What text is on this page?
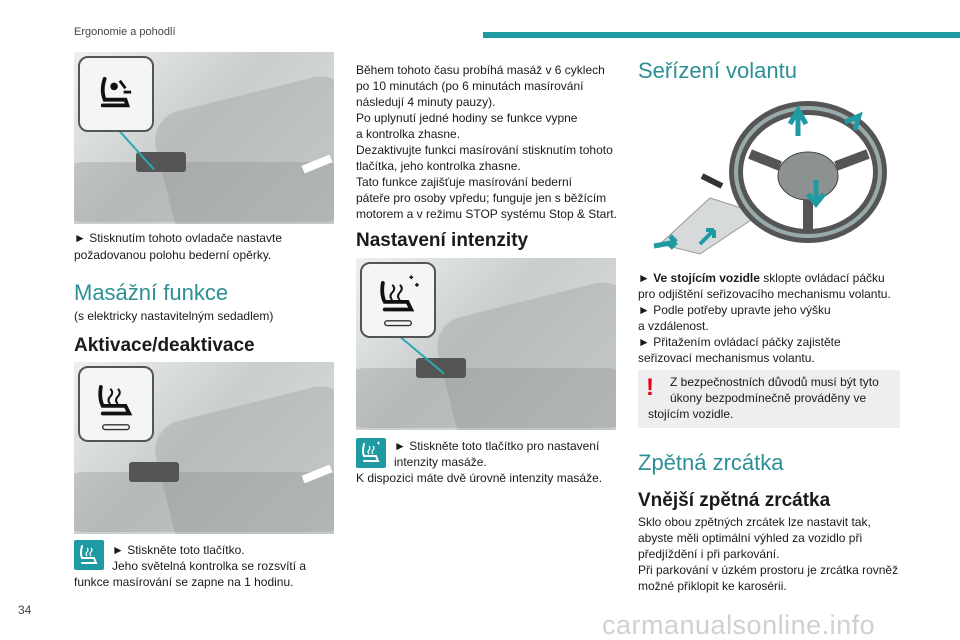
Ergonomie a pohodlí
► Stisknutím tohoto ovladače nastavte požadovanou polohu bederní opěrky.
Masážní funkce
(s elektricky nastavitelným sedadlem)
Aktivace/deaktivace
► Stiskněte toto tlačítko.
Jeho světelná kontrolka se rozsvítí a
funkce masírování se zapne na 1 hodinu.
34
Během tohoto času probíhá masáž v 6 cyklech
po 10 minutách (po 6 minutách masírování
následují 4 minuty pauzy).
Po uplynutí jedné hodiny se funkce vypne
a kontrolka zhasne.
Dezaktivujte funkci masírování stisknutím tohoto
tlačítka, jeho kontrolka zhasne.
Tato funkce zajišťuje masírování bederní
páteře pro osoby vpředu; funguje jen s běžícím
motorem a v režimu STOP systému Stop & Start.
Nastavení intenzity
► Stiskněte toto tlačítko pro nastavení
intenzity masáže.
K dispozici máte dvě úrovně intenzity masáže.
Seřízení volantu
► Ve stojícím vozidle sklopte ovládací páčku
pro odjištění seřizovacího mechanismu volantu.
► Podle potřeby upravte jeho výšku
a vzdálenost.
► Přitažením ovládací páčky zajistěte
seřizovací mechanismus volantu.
! Z bezpečnostních důvodů musí být tyto
úkony bezpodmínečně prováděny ve
stojícím vozidle.
Zpětná zrcátka
Vnější zpětná zrcátka
Sklo obou zpětných zrcátek lze nastavit tak,
abyste měli optimální výhled za vozidlo při
předjíždění i při parkování.
Při parkování v úzkém prostoru je zrcátka rovněž
možné přiklopit ke karosérii.
carmanualsonline.info
